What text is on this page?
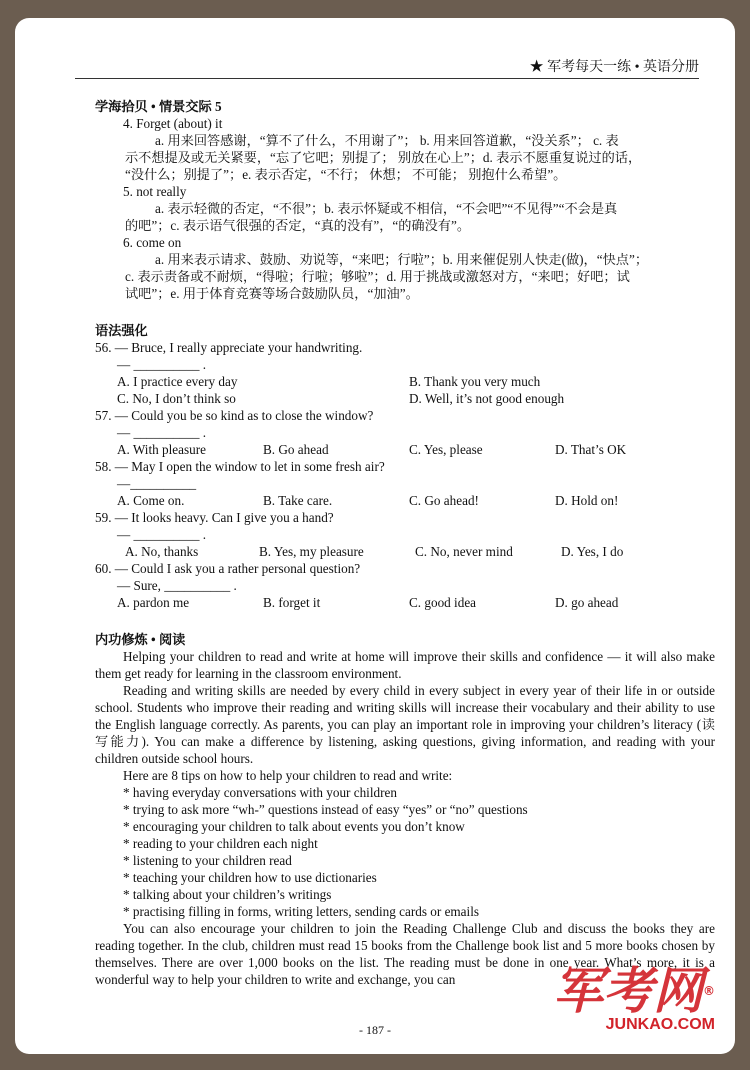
★ 军考每天一练 • 英语分册
学海拾贝 • 情景交际 5
4. Forget (about) it
a. 用来回答感谢，“算不了什么，不用谢了”； b. 用来回答道歉，“没关系”； c. 表
示不想提及或无关紧要，“忘了它吧；别提了； 别放在心上”；d. 表示不愿重复说过的话，
“没什么；别提了”；e. 表示否定，“不行； 休想； 不可能； 别抱什么希望”。
5. not really
a. 表示轻微的否定，“不很”；b. 表示怀疑或不相信，“不会吧”“不见得”“不会是真
的吧”；c. 表示语气很强的否定，“真的没有”，“的确没有”。
6. come on
a. 用来表示请求、鼓励、劝说等，“来吧；行啦”；b. 用来催促别人快走(做)，“快点”；
c. 表示责备或不耐烦，“得啦；行啦；够啦”；d. 用于挑战或激怒对方，“来吧；好吧；试
试吧”；e. 用于体育竞赛等场合鼓励队员，“加油”。
语法强化
56. — Bruce, I really appreciate your handwriting.
— __________ .
A. I practice every day	B. Thank you very much
C. No, I don’t think so	D. Well, it’s not good enough
57. — Could you be so kind as to close the window?
— __________ .
A. With pleasure	B. Go ahead	C. Yes, please	D. That’s OK
58. — May I open the window to let in some fresh air?
—__________
A. Come on.	B. Take care.	C. Go ahead!	D. Hold on!
59. — It looks heavy. Can I give you a hand?
— __________ .
A. No, thanks	B. Yes, my pleasure	C. No, never mind	D. Yes, I do
60. — Could I ask you a rather personal question?
— Sure, __________ .
A. pardon me	B. forget it	C. good idea	D. go ahead
内功修炼 • 阅读
Helping your children to read and write at home will improve their skills and confidence — it will also make them get ready for learning in the classroom environment.
Reading and writing skills are needed by every child in every subject in every year of their life in or outside school. Students who improve their reading and writing skills will increase their vocabulary and their ability to use the English language correctly. As parents, you can play an important role in improving your children’s literacy (读写能力). You can make a difference by listening, asking questions, giving information, and reading with your children outside school hours.
Here are 8 tips on how to help your children to read and write:
* having everyday conversations with your children
* trying to ask more “wh-” questions instead of easy “yes” or “no” questions
* encouraging your children to talk about events you don’t know
* reading to your children each night
* listening to your children read
* teaching your children how to use dictionaries
* talking about your children’s writings
* practising filling in forms, writing letters, sending cards or emails
You can also encourage your children to join the Reading Challenge Club and discuss the books they are reading together. In the club, children must read 15 books from the Challenge book list and 5 more books chosen by themselves. There are over 1,000 books on the list. The reading must be done in one year. What’s more, it is a wonderful way to help your children to write and exchange, you can
- 187 -
军考网®
JUNKAO.COM
